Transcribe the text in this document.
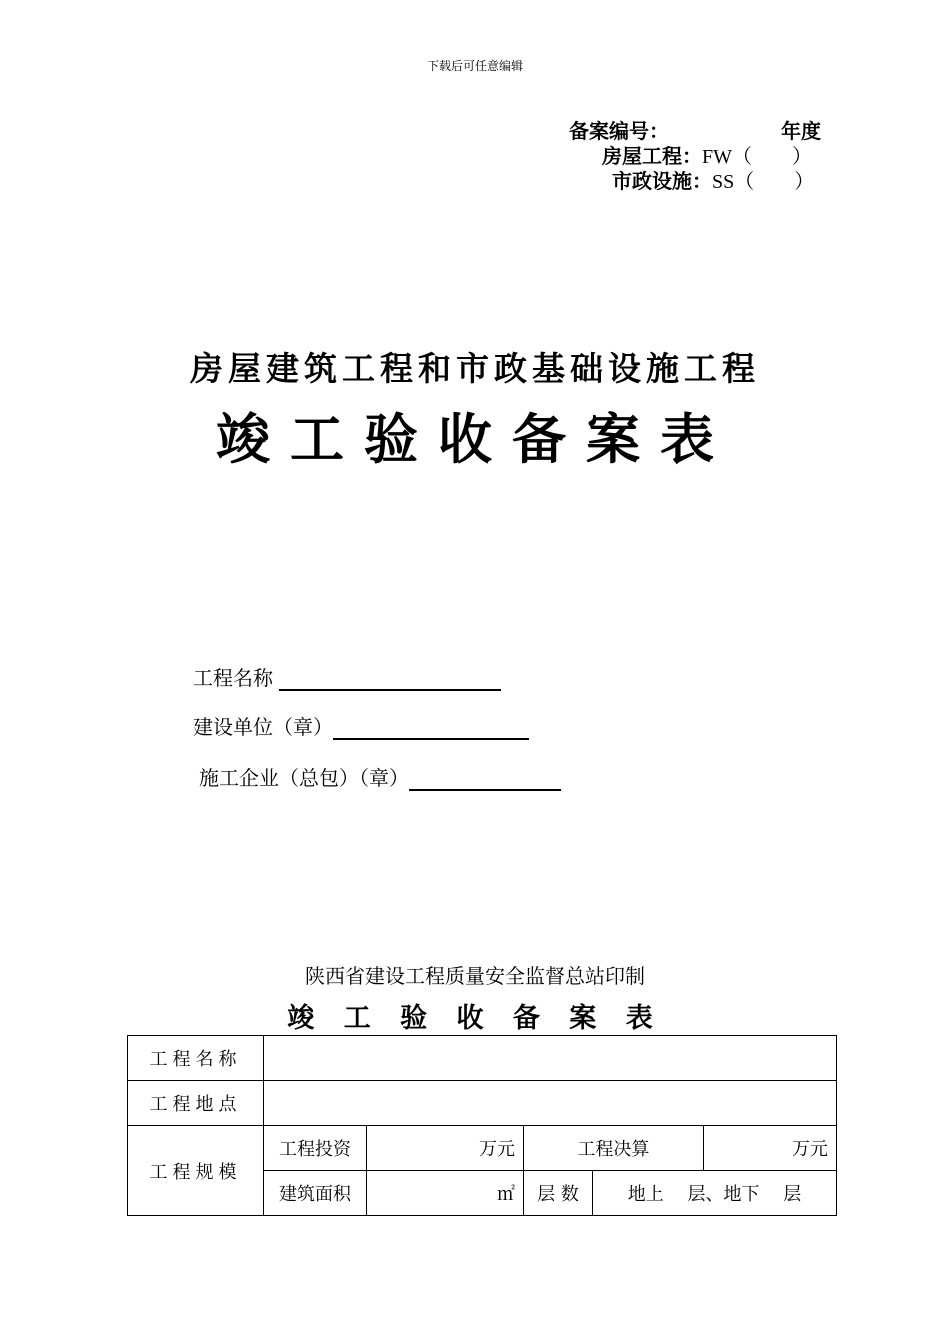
下载后可任意编辑
备案编号：	年度
房屋工程：FW（　　）
市政设施：SS（　　）
房屋建筑工程和市政基础设施工程
竣工验收备案表
工程名称
建设单位（章）
施工企业（总包）（章）
陕西省建设工程质量安全监督总站印制
竣 工 验 收 备 案 表
工程名称					
工程地点					
工程规模	工程投资	万元	工程决算		万元
	建筑面积	㎡	层 数	地上　 层、地下　 层	
